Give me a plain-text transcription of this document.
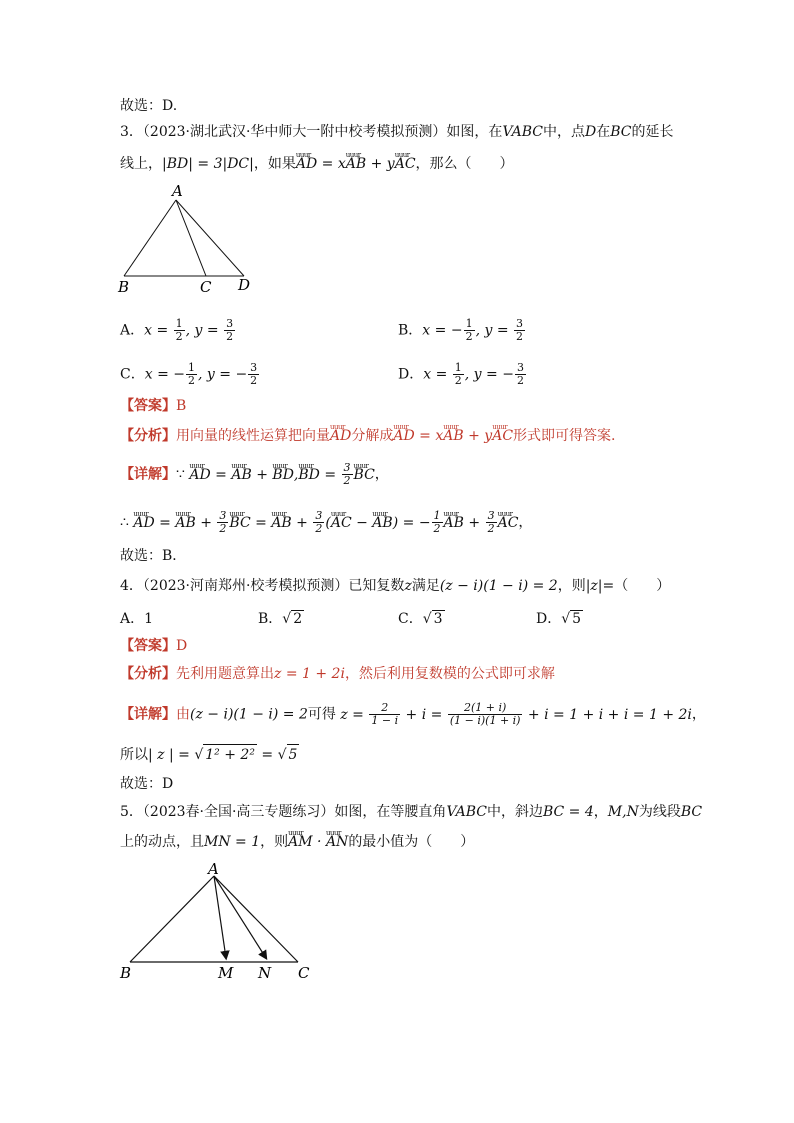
故选：D.
3．（2023·湖北武汉·华中师大一附中校考模拟预测）如图，在VABC中，点D在BC的延长
线上，|BD| = 3|DC|，如果uuur AD = xuuur AB + yuuur AC，那么（　　）
A
B	C D
A．$x = \frac{1}{2}$ , $y = \frac{3}{2}$	B．x = − $\frac{1}{2}$ , $y = \frac{3}{2}$
C．x = − $\frac{1}{2}$ , y = − $\frac{3}{2}$	D．$x = \frac{1}{2}$ , y = − $\frac{3}{2}$
【答案】B
【分析】用向量的线性运算把向量uuur AD分解成uuur AD = xuuur AB + yuuur AC形式即可得答案.
【详解】∵ uuur AD = uuur AB + uuur BD,uuur BD = $\frac{3}{2}$ uuur BC，
∴ uuur AD = uuur AB + $\frac{3}{2}$ uuur BC = uuur AB + $\frac{3}{2}$ (uuur AC − uuur AB) = − $\frac{1}{2}$ uuur AB + $\frac{3}{2}$ uuur AC，
故选：B．
4．（2023·河南郑州·校考模拟预测）已知复数z满足(z − i)(1 − i) = 2，则|z|=（　　）
A．1	B．√ 2	C．√ 3	D．√ 5
【答案】D
【分析】先利用题意算出z = 1 + 2i，然后利用复数模的公式即可求解
【详解】由(z − i)(1 − i) = 2可得 $z = \frac{2}{1 - i} + i = \frac{2(1 + i)}{(1 - i)(1 + i)} + i = 1 + i + i = 1 + 2i$，
所以| z | = √ 1² + 2² = √ 5
故选：D
5．（2023春·全国·高三专题练习）如图，在等腰直角VABC中，斜边BC = 4，M,N为线段BC
上的动点，且MN = 1，则uuur AM · uuur AN的最小值为（　　）
A
B	M N C
